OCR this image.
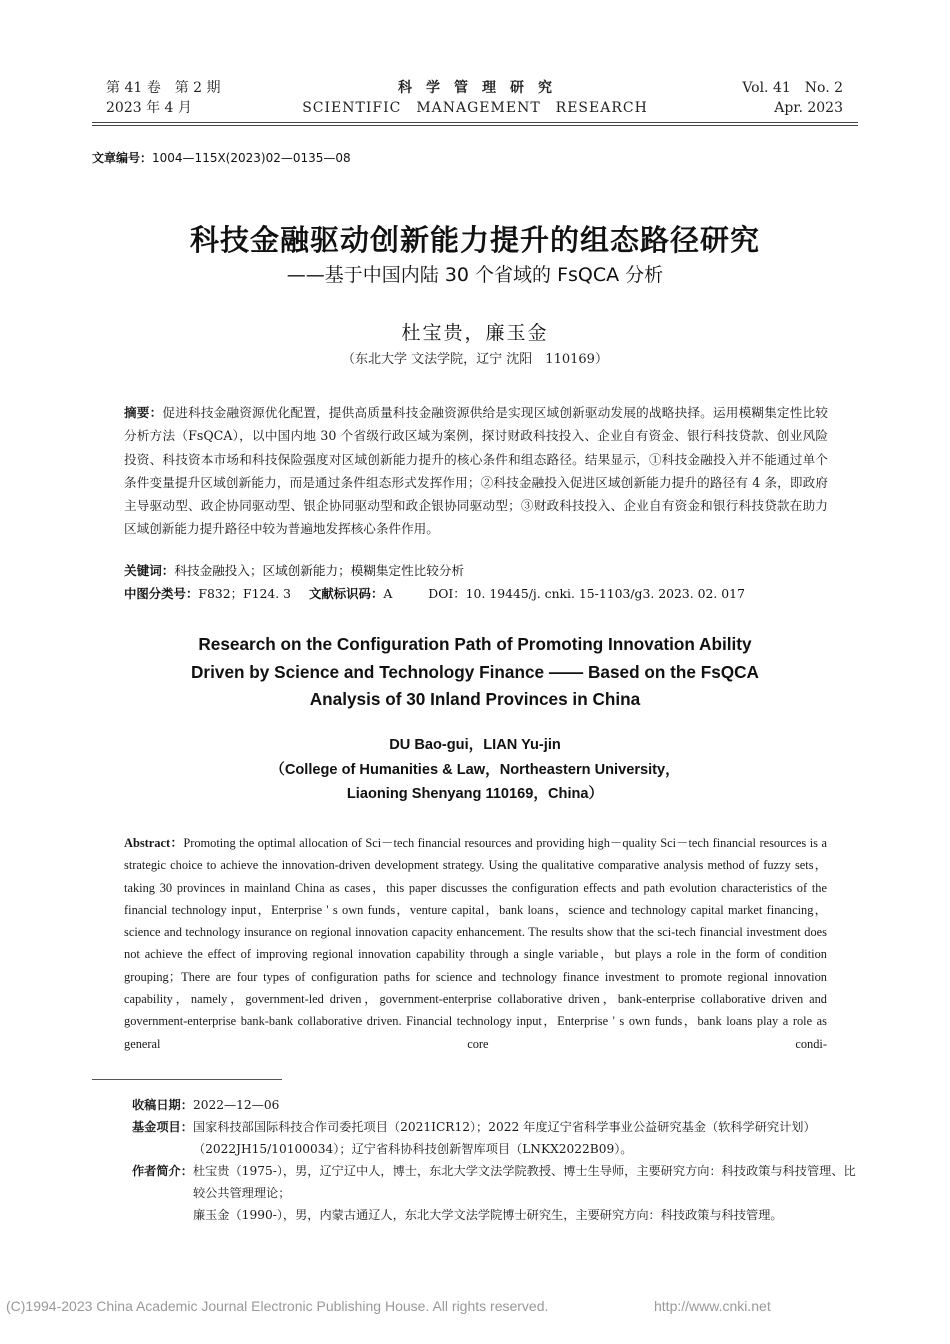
第 41 卷　第 2 期
2023 年 4 月
科学管理研究
SCIENTIFIC　MANAGEMENT　RESEARCH
Vol. 41　No. 2
Apr. 2023
文章编号：1004—115X(2023)02—0135—08
科技金融驱动创新能力提升的组态路径研究
——基于中国内陆 30 个省域的 FsQCA 分析
杜宝贵，廉玉金
（东北大学 文法学院，辽宁 沈阳　110169）
摘要：促进科技金融资源优化配置，提供高质量科技金融资源供给是实现区域创新驱动发展的战略抉择。运用模糊集定性比较分析方法（FsQCA），以中国内地 30 个省级行政区域为案例，探讨财政科技投入、企业自有资金、银行科技贷款、创业风险投资、科技资本市场和科技保险强度对区域创新能力提升的核心条件和组态路径。结果显示，①科技金融投入并不能通过单个条件变量提升区域创新能力，而是通过条件组态形式发挥作用；②科技金融投入促进区域创新能力提升的路径有 4 条，即政府主导驱动型、政企协同驱动型、银企协同驱动型和政企银协同驱动型；③财政科技投入、企业自有资金和银行科技贷款在助力区域创新能力提升路径中较为普遍地发挥核心条件作用。
关键词：科技金融投入；区域创新能力；模糊集定性比较分析
中图分类号：F832；F124. 3 文献标识码：A	DOI：10. 19445/j. cnki. 15-1103/g3. 2023. 02. 017
Research on the Configuration Path of Promoting Innovation Ability
Driven by Science and Technology Finance —— Based on the FsQCA
Analysis of 30 Inland Provinces in China
DU Bao-gui，LIAN Yu-jin
（College of Humanities & Law，Northeastern University，
Liaoning Shenyang 110169，China）
Abstract：Promoting the optimal allocation of Sci－tech financial resources and providing high－quality Sci－tech financial resources is a strategic choice to achieve the innovation-driven development strategy. Using the qualitative comparative analysis method of fuzzy sets，taking 30 provinces in mainland China as cases，this paper discusses the configuration effects and path evolution characteristics of the financial technology input，Enterprise ' s own funds，venture capital，bank loans，science and technology capital market financing，science and technology insurance on regional innovation capacity enhancement. The results show that the sci-tech financial investment does not achieve the effect of improving regional innovation capability through a single variable，but plays a role in the form of condition grouping；There are four types of configuration paths for science and technology finance investment to promote regional innovation capability，namely，government-led driven，government-enterprise collaborative driven，bank-enterprise collaborative driven and government-enterprise bank-bank collaborative driven. Financial technology input，Enterprise ' s own funds，bank loans play a role as general core condi-
收稿日期： 2022—12—06
基金项目： 国家科技部国际科技合作司委托项目（2021ICR12）；2022 年度辽宁省科学事业公益研究基金（软科学研究计划）（2022JH15/10100034）；辽宁省科协科技创新智库项目（LNKX2022B09）。
作者简介： 杜宝贵（1975-），男，辽宁辽中人，博士，东北大学文法学院教授、博士生导师，主要研究方向：科技政策与科技管理、比较公共管理理论；

廉玉金（1990-），男，内蒙古通辽人，东北大学文法学院博士研究生，主要研究方向：科技政策与科技管理。

(C)1994-2023 China Academic Journal Electronic Publishing House. All rights reserved.	http://www.cnki.net
